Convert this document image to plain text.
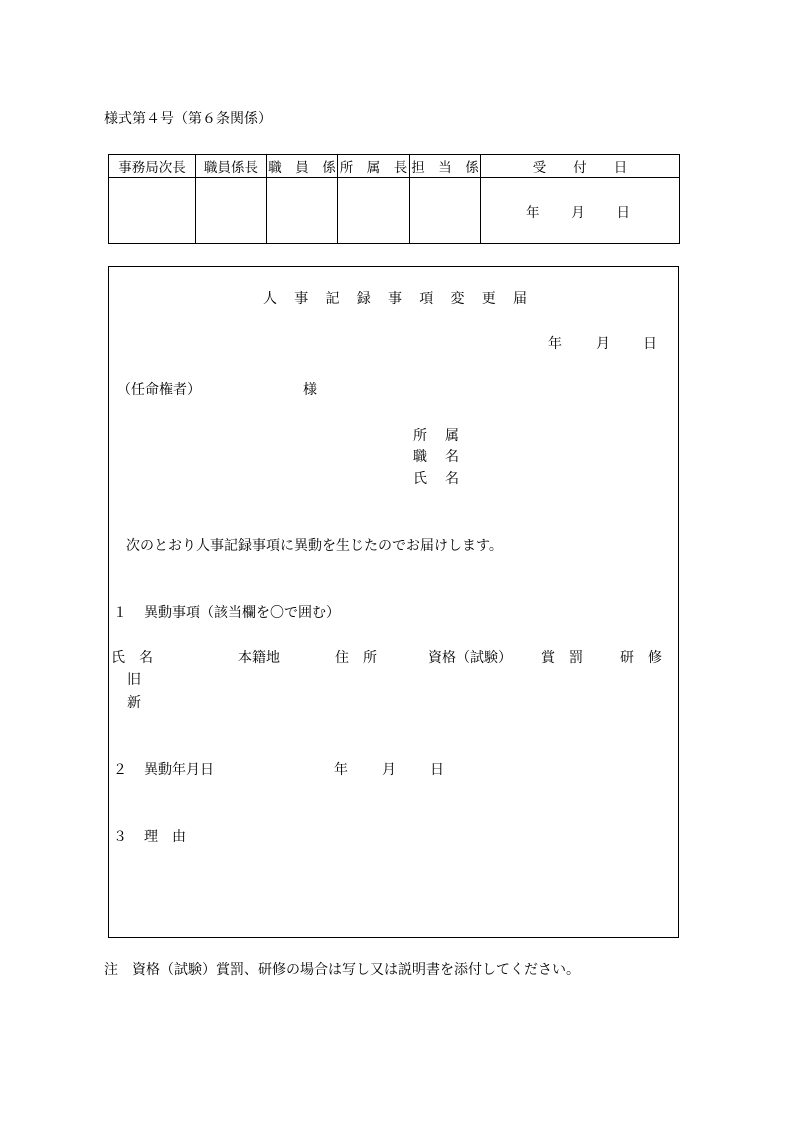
様式第４号（第６条関係）
事務局次長	職員係長	職　員　係	所　属　長	担　当　係	受　　付　　日

					年 月 日
人 事 記 録 事 項 変 更 届
年 月 日
（任命権者）	様
所 属
職 名
氏 名
次のとおり人事記録事項に異動を生じたのでお届けします。
１ 異動事項（該当欄を〇で囲む）
氏　名	本籍地	住　所	資格（試験） 賞　罰	研　修
旧
新
２ 異動年月日	年 月 日
３ 理　由
注　資格（試験）賞罰、研修の場合は写し又は説明書を添付してください。
